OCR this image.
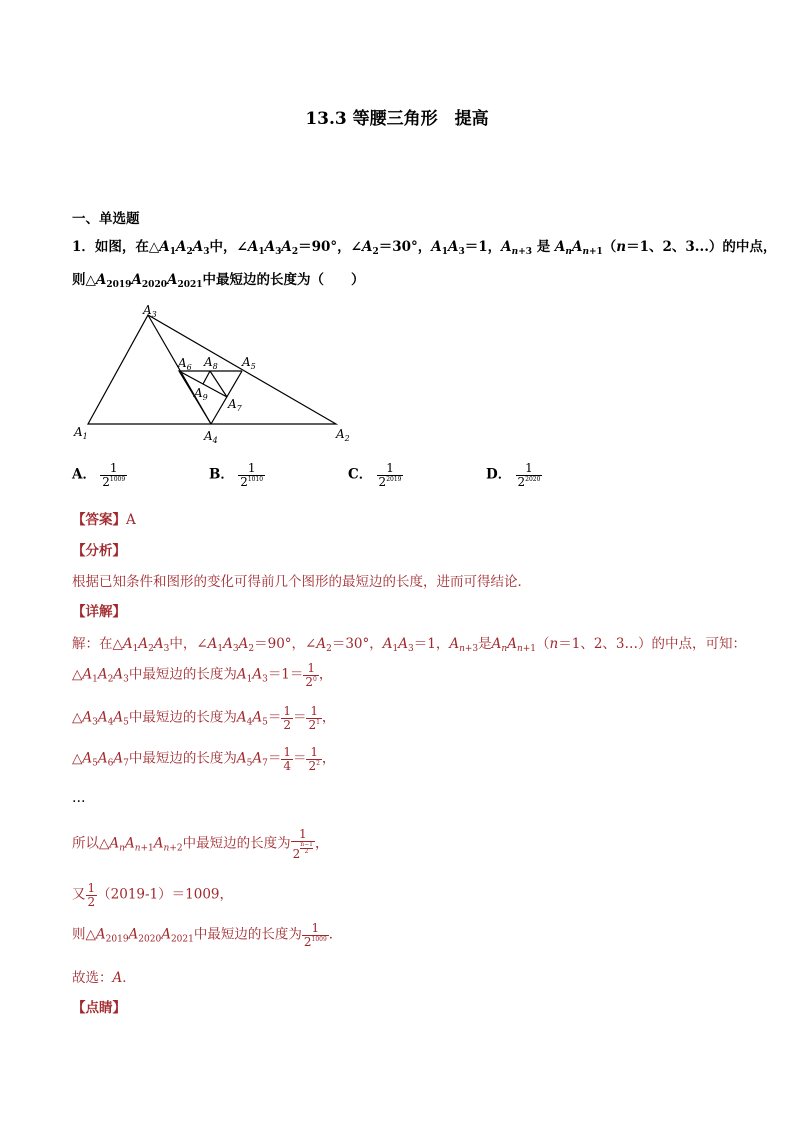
13.3 等腰三角形　提高
一、单选题
1．如图，在$\triangle A_1A_2A_3$中，$\angle A_1A_3A_2=90^\circ$，$\angle A_2=30^\circ$，$A_1A_3=1$，$A_{n+3}$ 是 $A_nA_{n+1}(n=1$、2、3...）的中点，
则$\triangle A_{2019}A_{2020}A_{2021}$中最短边的长度为（　　）
$A_3$
$A_1$	$A_2$
$A_4$
$A_5$
$A_6$
$A_7$
$A_8$
$A_9$
A． $\frac{1}{2^{1009}}$	B． $\frac{1}{2^{1010}}$	C． $\frac{1}{2^{2019}}$	D． $\frac{1}{2^{2020}}$
【答案】A
【分析】
根据已知条件和图形的变化可得前几个图形的最短边的长度，进而可得结论．
【详解】
解：在$\triangle A_1A_2A_3$中，$\angle A_1A_3A_2=90^\circ$，$\angle A_2=30^\circ$，$A_1A_3=1$，$A_{n+3}$是$A_nA_{n+1}(n=1$、2、3…）的中点，可知：
$\triangle A_1A_2A_3$中最短边的长度为$A_1A_3=1= \frac{1}{2^0}$ ，
$\triangle A_3A_4A_5$中最短边的长度为$A_4A_5= \frac{1}{2} = \frac{1}{2^1}$ ，
$\triangle A_5A_6A_7$中最短边的长度为$A_5A_7= \frac{1}{4} = \frac{1}{2^2}$ ，
…
所以$\triangle A_nA_{n+1}A_{n+2}$中最短边的长度为 1
2 $^{\frac{n-1}{2}}$ ，
又 $\frac{1}{2} (2019-1)=1009$，
则$\triangle A_{2019}A_{2020}A_{2021}$中最短边的长度为 $\frac{1}{2^{1009}}$ ．
故选：A．
【点睛】
